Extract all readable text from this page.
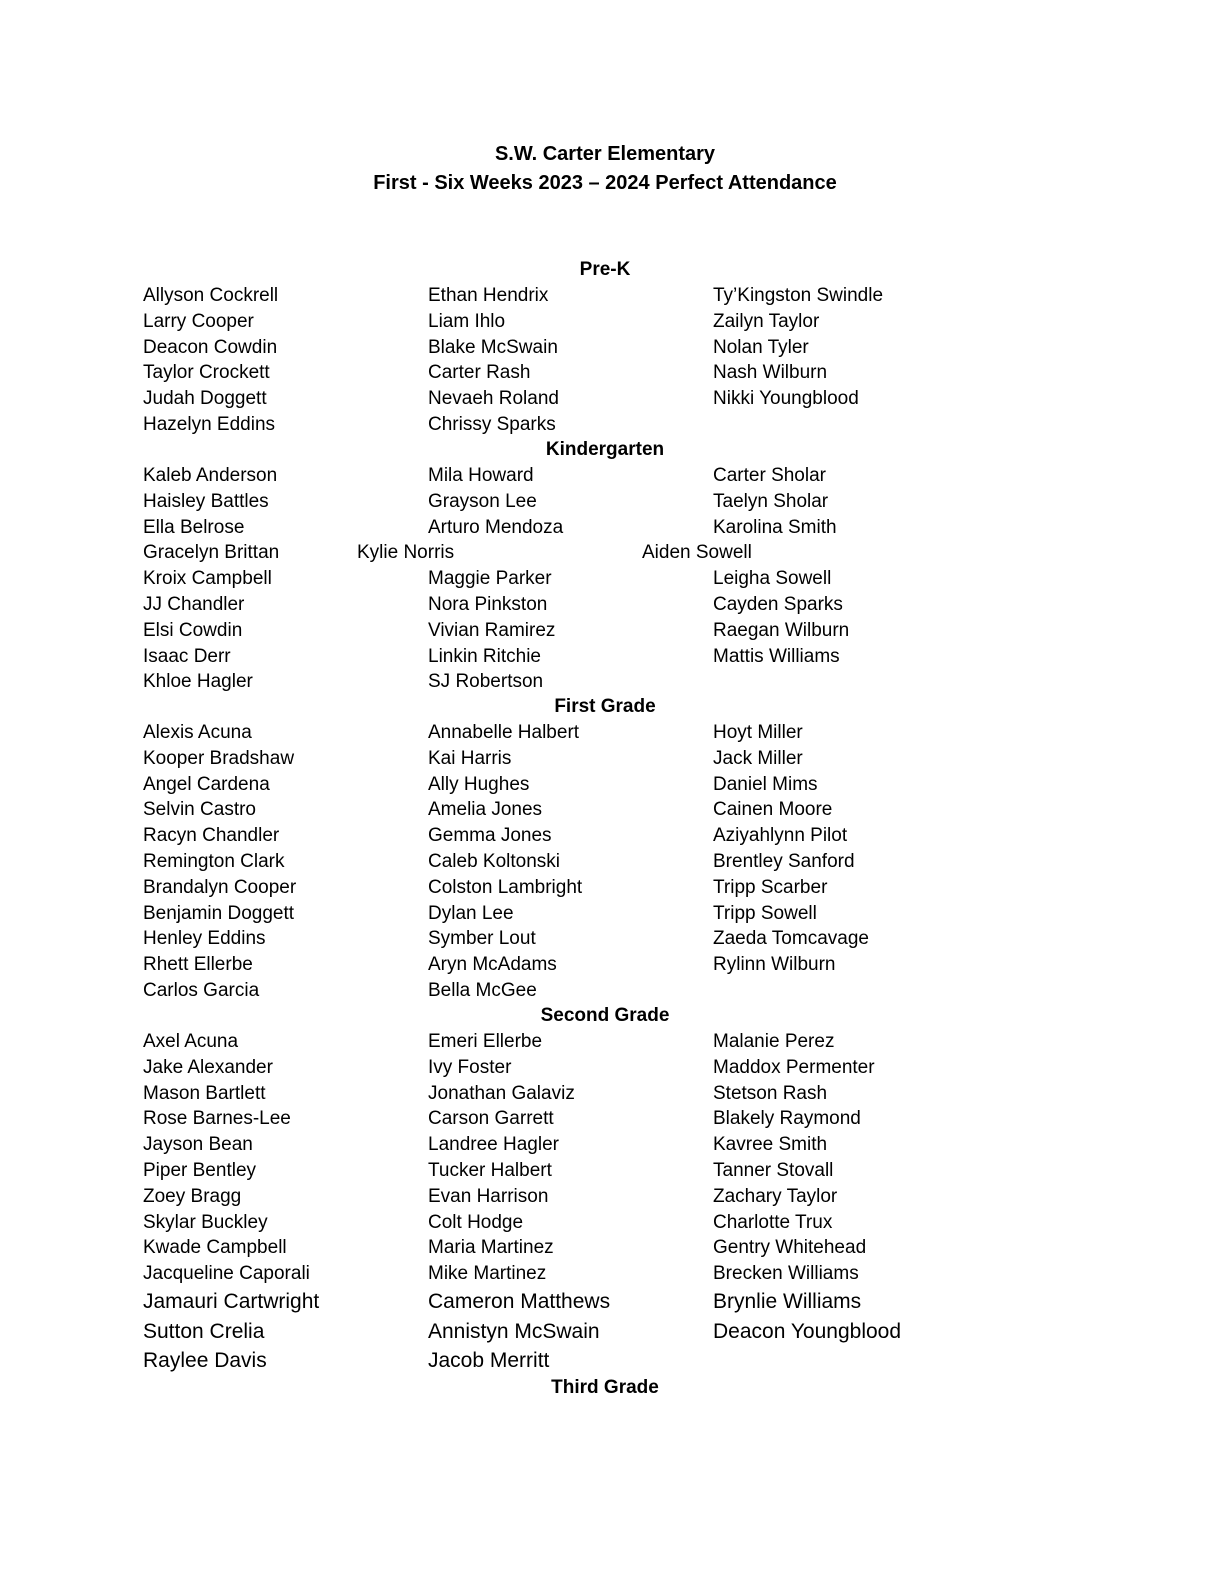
S.W. Carter Elementary
First - Six Weeks 2023 – 2024 Perfect Attendance
Pre-K
Allyson Cockrell	Ethan Hendrix	Ty’Kingston Swindle
Larry Cooper	Liam Ihlo	Zailyn Taylor
Deacon Cowdin	Blake McSwain	Nolan Tyler
Taylor Crockett	Carter Rash	Nash Wilburn
Judah Doggett	Nevaeh Roland	Nikki Youngblood
Hazelyn Eddins	Chrissy Sparks
Kindergarten
Kaleb Anderson	Mila Howard	Carter Sholar
Haisley Battles	Grayson Lee	Taelyn Sholar
Ella Belrose	Arturo Mendoza	Karolina Smith
Gracelyn Brittan	Kylie Norris	Aiden Sowell
Kroix Campbell	Maggie Parker	Leigha Sowell
JJ Chandler	Nora Pinkston	Cayden Sparks
Elsi Cowdin	Vivian Ramirez	Raegan Wilburn
Isaac Derr	Linkin Ritchie	Mattis Williams
Khloe Hagler	SJ Robertson
First Grade
Alexis Acuna	Annabelle Halbert	Hoyt Miller
Kooper Bradshaw	Kai Harris	Jack Miller
Angel Cardena	Ally Hughes	Daniel Mims
Selvin Castro	Amelia Jones	Cainen Moore
Racyn Chandler	Gemma Jones	Aziyahlynn Pilot
Remington Clark	Caleb Koltonski	Brentley Sanford
Brandalyn Cooper	Colston Lambright	Tripp Scarber
Benjamin Doggett	Dylan Lee	Tripp Sowell
Henley Eddins	Symber Lout	Zaeda Tomcavage
Rhett Ellerbe	Aryn McAdams	Rylinn Wilburn
Carlos Garcia	Bella McGee
Second Grade
Axel Acuna	Emeri Ellerbe	Malanie Perez
Jake Alexander	Ivy Foster	Maddox Permenter
Mason Bartlett	Jonathan Galaviz	Stetson Rash
Rose Barnes-Lee	Carson Garrett	Blakely Raymond
Jayson Bean	Landree Hagler	Kavree Smith
Piper Bentley	Tucker Halbert	Tanner Stovall
Zoey Bragg	Evan Harrison	Zachary Taylor
Skylar Buckley	Colt Hodge	Charlotte Trux
Kwade Campbell	Maria Martinez	Gentry Whitehead
Jacqueline Caporali	Mike Martinez	Brecken Williams
Jamauri Cartwright	Cameron Matthews	Brynlie Williams
Sutton Crelia	Annistyn McSwain	Deacon Youngblood
Raylee Davis	Jacob Merritt
Third Grade
